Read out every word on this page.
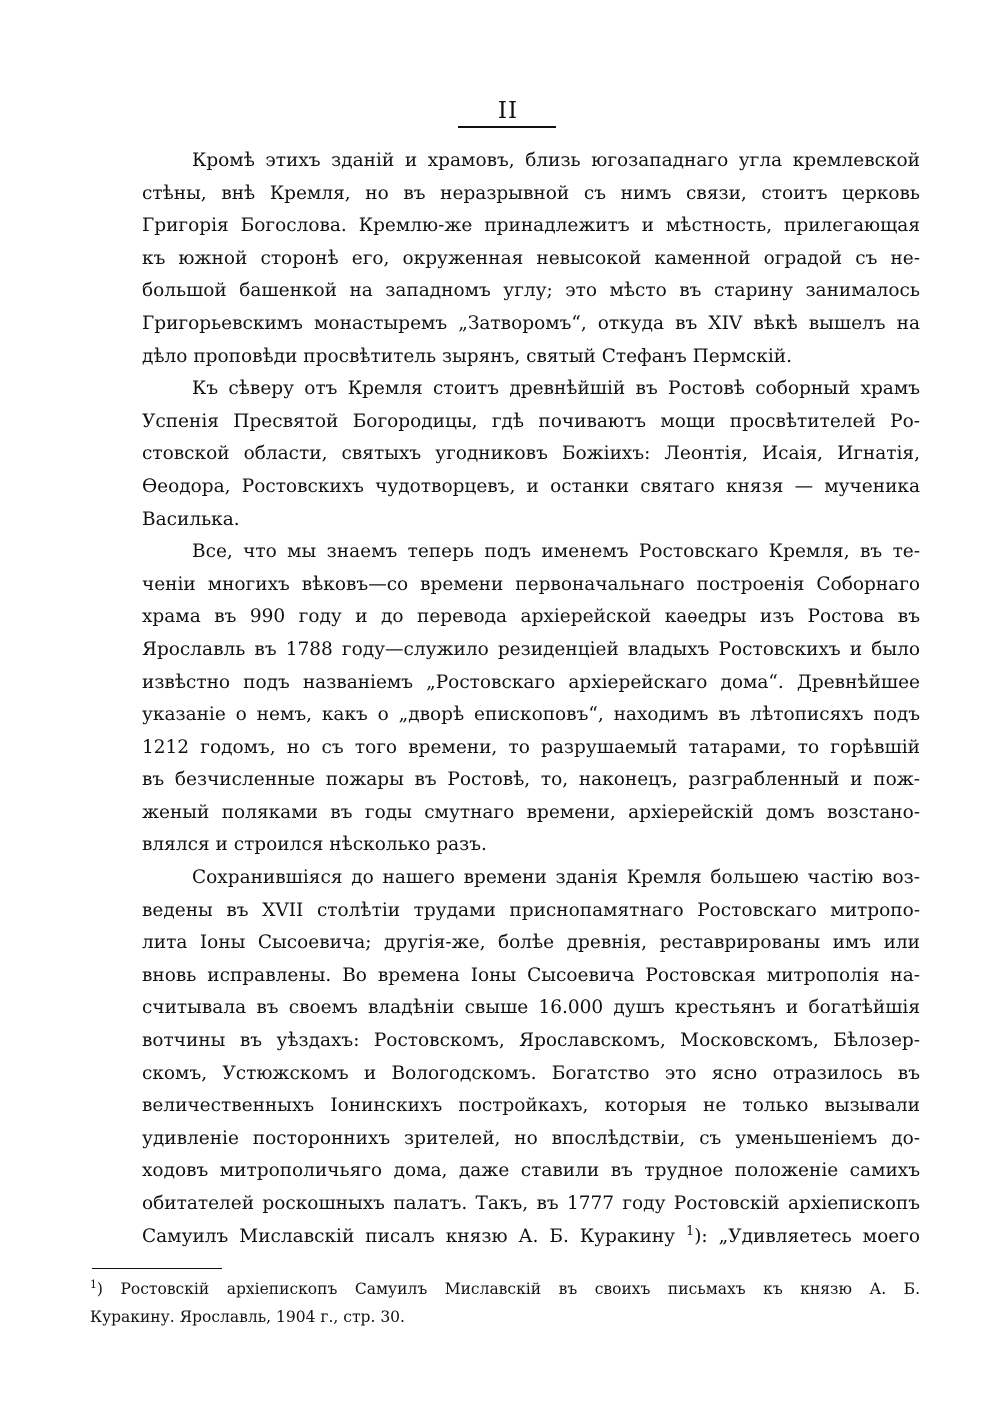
II
Кромѣ этихъ зданій и храмовъ, близь югозападнаго угла кремлевской
стѣны, внѣ Кремля, но въ неразрывной съ нимъ связи, стоитъ церковь
Григорія Богослова. Кремлю-же принадлежитъ и мѣстность, прилегающая
къ южной сторонѣ его, окруженная невысокой каменной оградой съ не-
большой башенкой на западномъ углу; это мѣсто въ старину занималось
Григорьевскимъ монастыремъ „Затворомъ“, откуда въ XIV вѣкѣ вышелъ на
дѣло проповѣди просвѣтитель зырянъ, святый Стефанъ Пермскій.
Къ сѣверу отъ Кремля стоитъ древнѣйшій въ Ростовѣ соборный храмъ
Успенія Пресвятой Богородицы, гдѣ почиваютъ мощи просвѣтителей Ро-
стовской области, святыхъ угодниковъ Божіихъ: Леонтія, Исаія, Игнатія,
Ѳеодора, Ростовскихъ чудотворцевъ, и останки святаго князя — мученика
Василька.
Все, что мы знаемъ теперь подъ именемъ Ростовскаго Кремля, въ те-
ченіи многихъ вѣковъ—со времени первоначальнаго построенія Соборнаго
храма въ 990 году и до перевода архіерейской каѳедры изъ Ростова въ
Ярославль въ 1788 году—служило резиденціей владыхъ Ростовскихъ и было
извѣстно подъ названіемъ „Ростовскаго архіерейскаго дома“. Древнѣйшее
указаніе о немъ, какъ о „дворѣ епископовъ“, находимъ въ лѣтописяхъ подъ
1212 годомъ, но съ того времени, то разрушаемый татарами, то горѣвшій
въ безчисленные пожары въ Ростовѣ, то, наконецъ, разграбленный и пож-
женый поляками въ годы смутнаго времени, архіерейскій домъ возстано-
влялся и строился нѣсколько разъ.
Сохранившіяся до нашего времени зданія Кремля большею частію воз-
ведены въ XVII столѣтіи трудами приснопамятнаго Ростовскаго митропо-
лита Іоны Сысоевича; другія-же, болѣе древнія, реставрированы имъ или
вновь исправлены. Во времена Іоны Сысоевича Ростовская митрополія на-
считывала въ своемъ владѣніи свыше 16.000 душъ крестьянъ и богатѣйшія
вотчины въ уѣздахъ: Ростовскомъ, Ярославскомъ, Московскомъ, Бѣлозер-
скомъ, Устюжскомъ и Вологодскомъ. Богатство это ясно отразилось въ
величественныхъ Іонинскихъ постройкахъ, которыя не только вызывали
удивленіе постороннихъ зрителей, но впослѣдствіи, съ уменьшеніемъ до-
ходовъ митрополичьяго дома, даже ставили въ трудное положеніе самихъ
обитателей роскошныхъ палатъ. Такъ, въ 1777 году Ростовскій архіепископъ
Самуилъ Миславскій писалъ князю А. Б. Куракину $^1$): „Удивляетесь моего
$^1$) Ростовскій архіепископъ Самуилъ Миславскій въ своихъ письмахъ къ князю А. Б.
Куракину. Ярославль, 1904 г., стр. 30.
